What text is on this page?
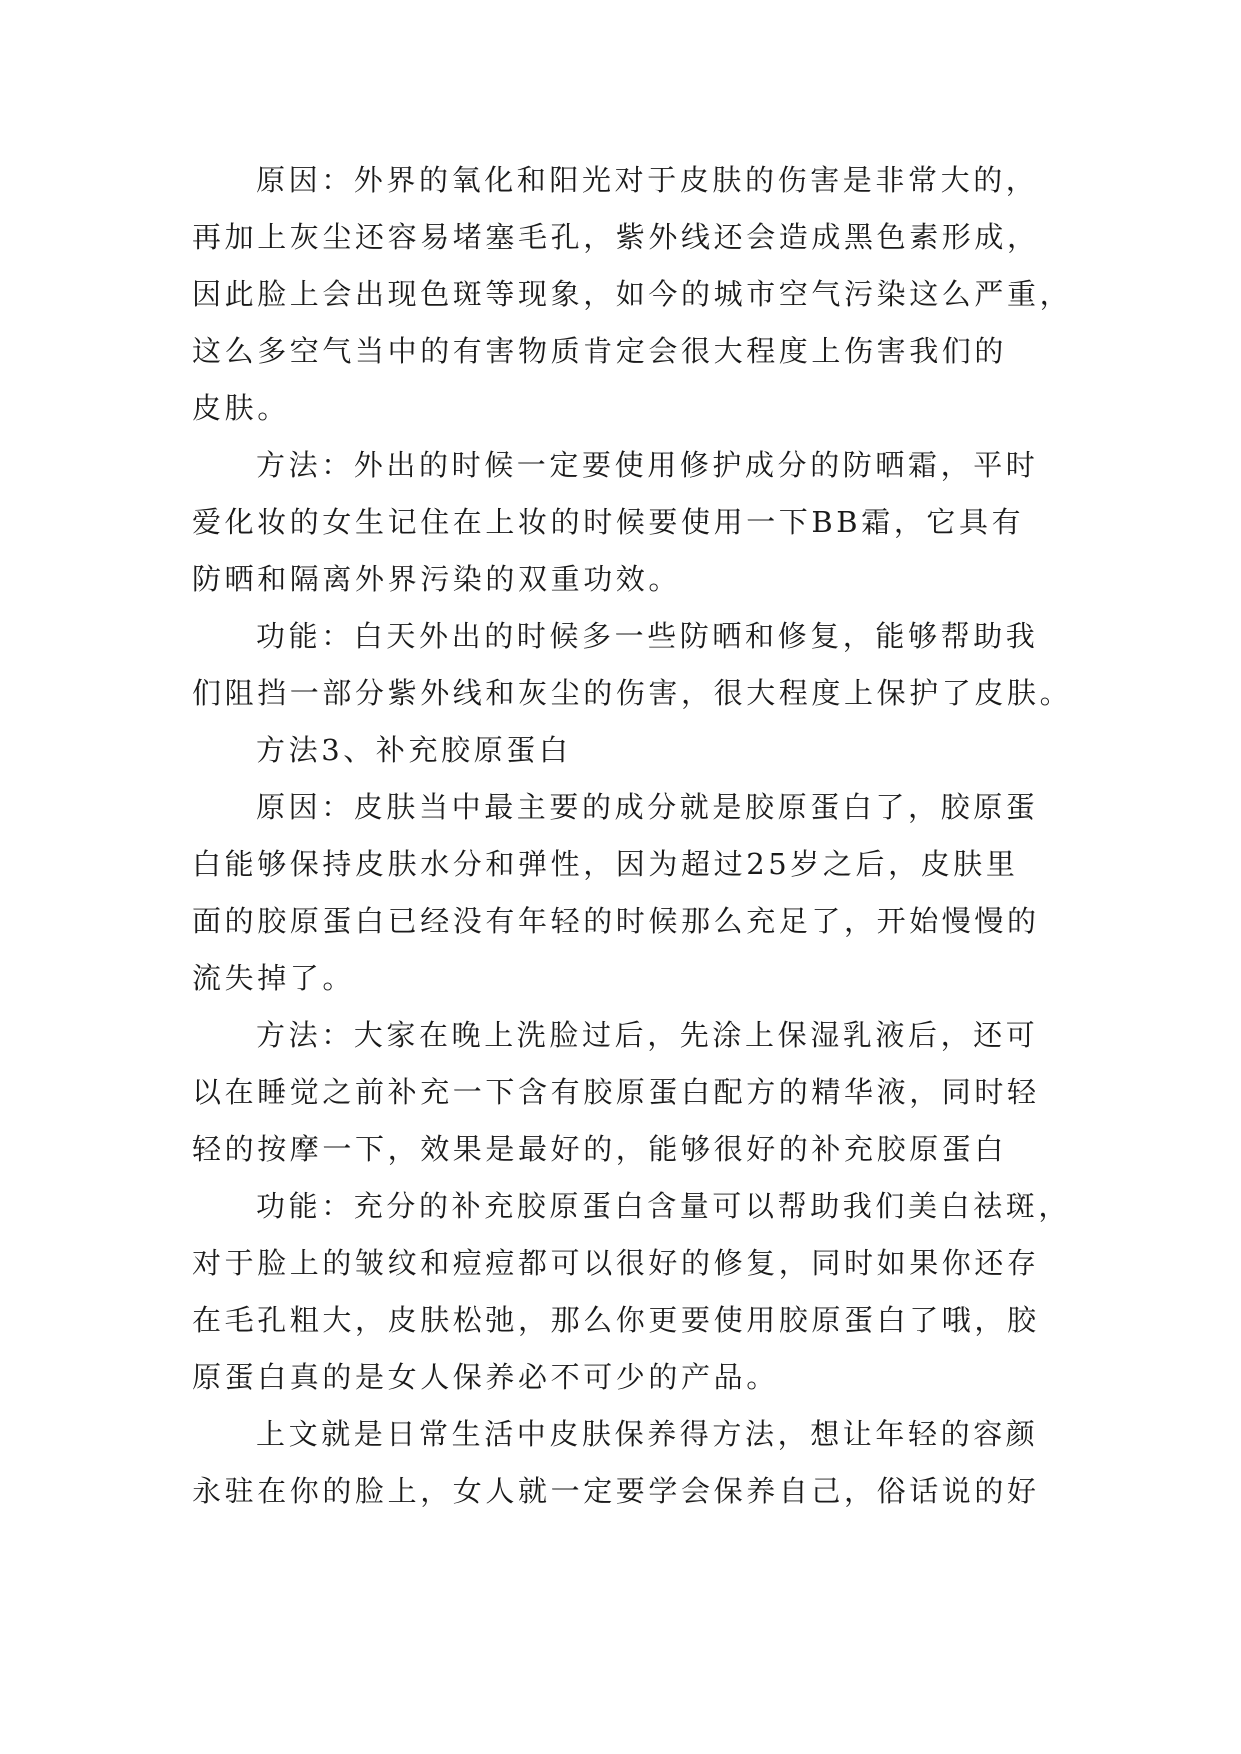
原因：外界的氧化和阳光对于皮肤的伤害是非常大的，
再加上灰尘还容易堵塞毛孔，紫外线还会造成黑色素形成，
因此脸上会出现色斑等现象，如今的城市空气污染这么严重，
这么多空气当中的有害物质肯定会很大程度上伤害我们的
皮肤。
方法：外出的时候一定要使用修护成分的防晒霜，平时
爱化妆的女生记住在上妆的时候要使用一下BB霜，它具有
防晒和隔离外界污染的双重功效。
功能：白天外出的时候多一些防晒和修复，能够帮助我
们阻挡一部分紫外线和灰尘的伤害，很大程度上保护了皮肤。
方法3、补充胶原蛋白
原因：皮肤当中最主要的成分就是胶原蛋白了，胶原蛋
白能够保持皮肤水分和弹性，因为超过25岁之后，皮肤里
面的胶原蛋白已经没有年轻的时候那么充足了，开始慢慢的
流失掉了。
方法：大家在晚上洗脸过后，先涂上保湿乳液后，还可
以在睡觉之前补充一下含有胶原蛋白配方的精华液，同时轻
轻的按摩一下，效果是最好的，能够很好的补充胶原蛋白
功能：充分的补充胶原蛋白含量可以帮助我们美白祛斑，
对于脸上的皱纹和痘痘都可以很好的修复，同时如果你还存
在毛孔粗大，皮肤松弛，那么你更要使用胶原蛋白了哦，胶
原蛋白真的是女人保养必不可少的产品。
上文就是日常生活中皮肤保养得方法，想让年轻的容颜
永驻在你的脸上，女人就一定要学会保养自己，俗话说的好
